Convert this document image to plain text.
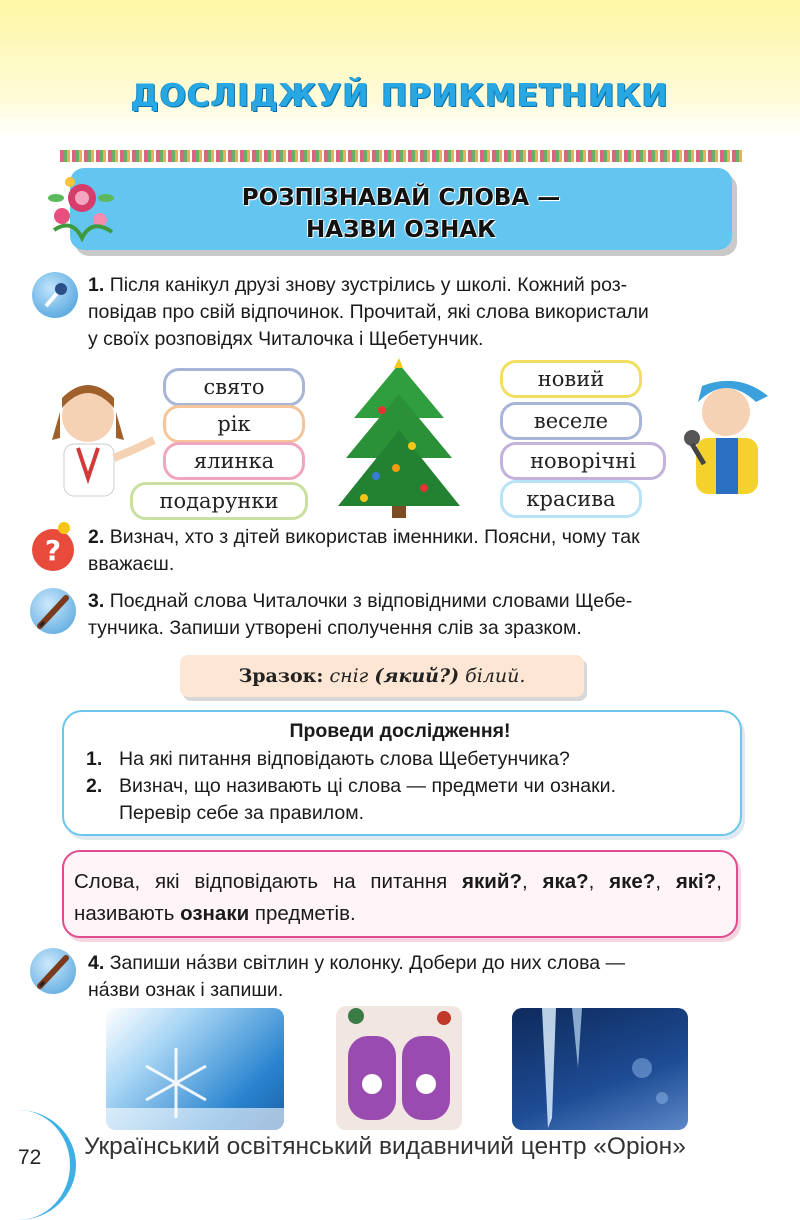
ДОСЛІДЖУЙ ПРИКМЕТНИКИ
РОЗПІЗНАВАЙ СЛОВА —
НАЗВИ ОЗНАК
1. Після канікул друзі знову зустрілись у школі. Кожний роз-
повідав про свій відпочинок. Прочитай, які слова використали
у своїх розповідях Читалочка і Щебетунчик.
свято
рік
ялинка
подарунки
новий
веселе
новорічні
красива
? 2. Визнач, хто з дітей використав іменники. Поясни, чому так
вважаєш.
3. Поєднай слова Читалочки з відповідними словами Щебе-
тунчика. Запиши утворені сполучення слів за зразком.
Зразок: сніг (який?) білий.
Проведи дослідження!
1. На які питання відповідають слова Щебетунчика?
2. Визнач, що називають ці слова — предмети чи ознаки.
Перевір себе за правилом.
Слова, які відповідають на питання який?, яка?, яке?, які?, називають ознаки предметів.
4. Запиши на́зви світлин у колонку. Добери до них слова —
на́зви ознак і запиши.
72 Український освітянський видавничий центр «Оріон»
